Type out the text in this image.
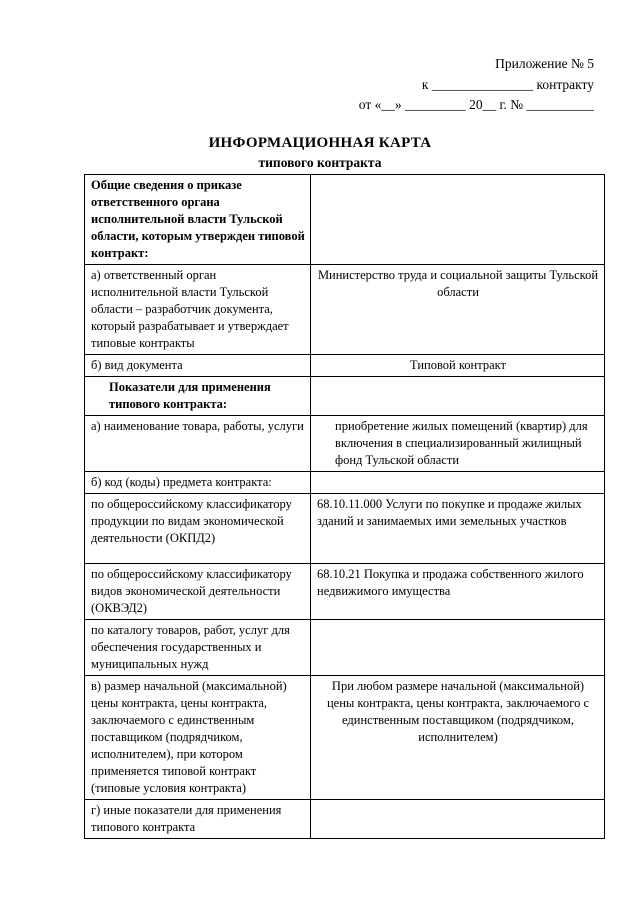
Приложение № 5
к _______________ контракту
от «__» _________ 20__ г. № __________
ИНФОРМАЦИОННАЯ КАРТА
типового контракта
Общие сведения о приказе ответственного органа исполнительной власти Тульской области, которым утвержден типовой контракт:	
а) ответственный орган исполнительной власти Тульской области – разработчик документа, который разрабатывает и утверждает типовые контракты	Министерство труда и социальной защиты Тульской области
б) вид документа	Типовой контракт
Показатели для применения типового контракта:	
а) наименование товара, работы, услуги	приобретение жилых помещений (квартир) для включения в специализированный жилищный фонд Тульской области
б) код (коды) предмета контракта:	
по общероссийскому классификатору продукции по видам экономической деятельности (ОКПД2)	68.10.11.000 Услуги по покупке и продаже жилых зданий и занимаемых ими земельных участков
по общероссийскому классификатору видов экономической деятельности (ОКВЭД2)	68.10.21 Покупка и продажа собственного жилого недвижимого имущества
по каталогу товаров, работ, услуг для обеспечения государственных и муниципальных нужд	
в) размер начальной (максимальной) цены контракта, цены контракта, заключаемого с единственным поставщиком (подрядчиком, исполнителем), при котором применяется типовой контракт (типовые условия контракта)	При любом размере начальной (максимальной) цены контракта, цены контракта, заключаемого с единственным поставщиком (подрядчиком, исполнителем)
г) иные показатели для применения типового контракта	
